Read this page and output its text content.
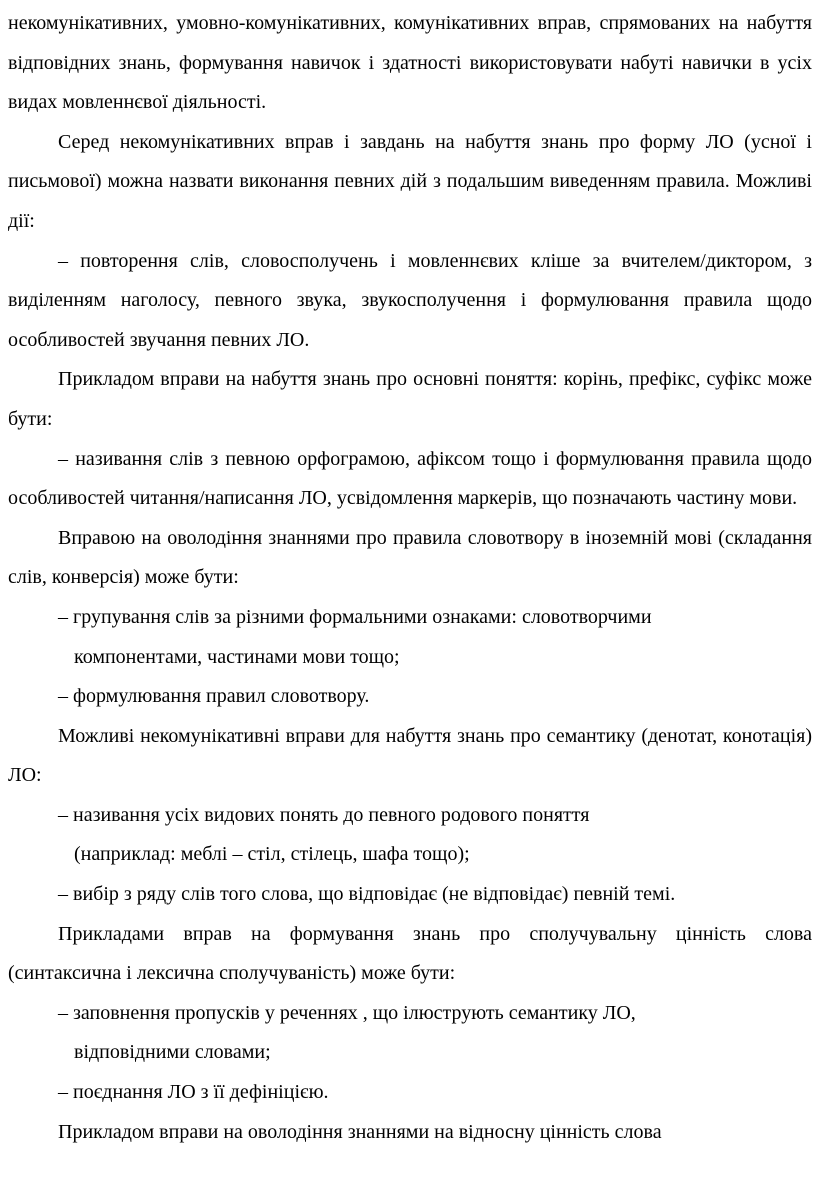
некомунікативних, умовно-комунікативних, комунікативних вправ, спрямованих на набуття відповідних знань, формування навичок і здатності використовувати набуті навички в усіх видах мовленнєвої діяльності.

Серед некомунікативних вправ і завдань на набуття знань про форму ЛО (усної і письмової) можна назвати виконання певних дій з подальшим виведенням правила. Можливі дії:

– повторення слів, словосполучень і мовленнєвих кліше за вчителем/диктором, з виділенням наголосу, певного звука, звукосполучення і формулювання правила щодо особливостей звучання певних ЛО.

Прикладом вправи на набуття знань про основні поняття: корінь, префікс, суфікс може бути:

– називання слів з певною орфограмою, афіксом тощо і формулювання правила щодо особливостей читання/написання ЛО, усвідомлення маркерів, що позначають частину мови.

Вправою на оволодіння знаннями про правила словотвору в іноземній мові (складання слів, конверсія) може бути:

– групування слів за різними формальними ознаками: словотворчими
компонентами, частинами мови тощо;
– формулювання правил словотвору.

Можливі некомунікативні вправи для набуття знань про семантику (денотат, конотація) ЛО:

– називання усіх видових понять до певного родового поняття
(наприклад: меблі – стіл, стілець, шафа тощо);
– вибір з ряду слів того слова, що відповідає (не відповідає) певній темі.

Прикладами вправ на формування знань про сполучувальну цінність слова (синтаксична і лексична сполучуваність) може бути:

– заповнення пропусків у реченнях , що ілюструють семантику ЛО,
відповідними словами;
– поєднання ЛО з її дефініцією.

Прикладом вправи на оволодіння знаннями на відносну цінність слова
